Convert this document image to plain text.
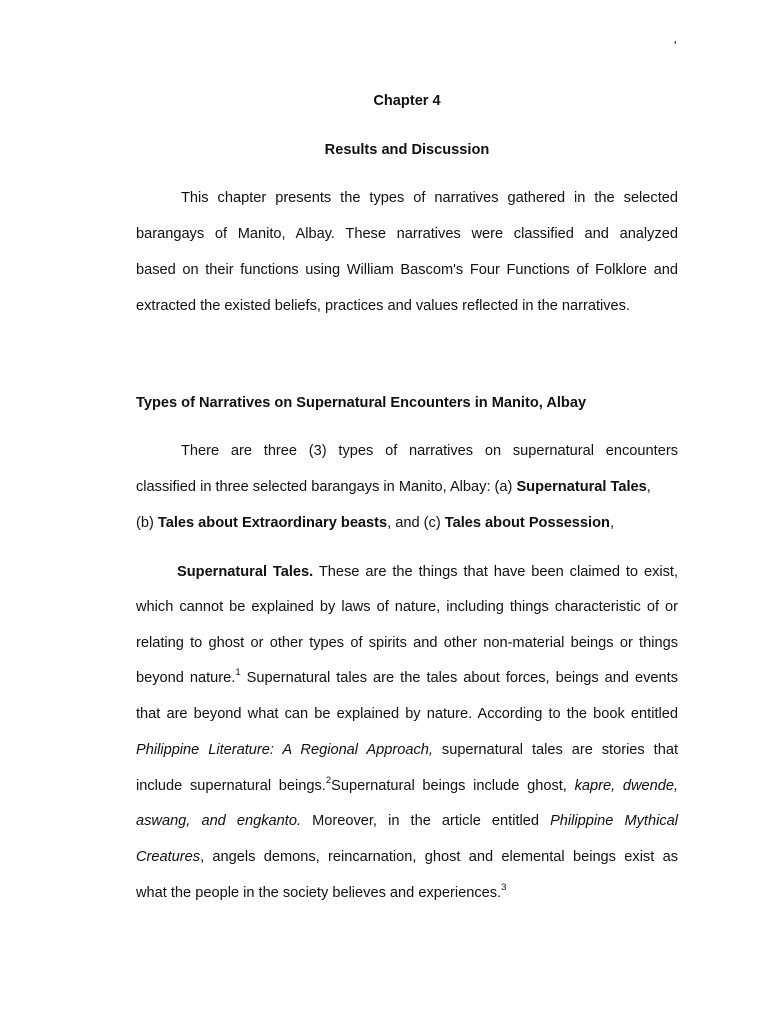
'
Chapter 4
Results and Discussion
This chapter presents the types of narratives gathered in the selected
barangays of Manito, Albay. These narratives were classified and analyzed
based on their functions using William Bascom's Four Functions of Folklore and
extracted the existed beliefs, practices and values reflected in the narratives.
Types of Narratives on Supernatural Encounters in Manito, Albay
There are three (3) types of narratives on supernatural encounters
classified in three selected barangays in Manito, Albay: (a) Supernatural Tales,
(b) Tales about Extraordinary beasts, and (c) Tales about Possession,
Supernatural Tales. These are the things that have been claimed to exist,
which cannot be explained by laws of nature, including things characteristic of or
relating to ghost or other types of spirits and other non-material beings or things
beyond nature.$^1$ Supernatural tales are the tales about forces, beings and events
that are beyond what can be explained by nature. According to the book entitled
Philippine Literature: A Regional Approach, supernatural tales are stories that
include supernatural beings.$^2$Supernatural beings include ghost, kapre, dwende,
aswang, and engkanto. Moreover, in the article entitled Philippine Mythical
Creatures, angels demons, reincarnation, ghost and elemental beings exist as
what the people in the society believes and experiences.$^3$
